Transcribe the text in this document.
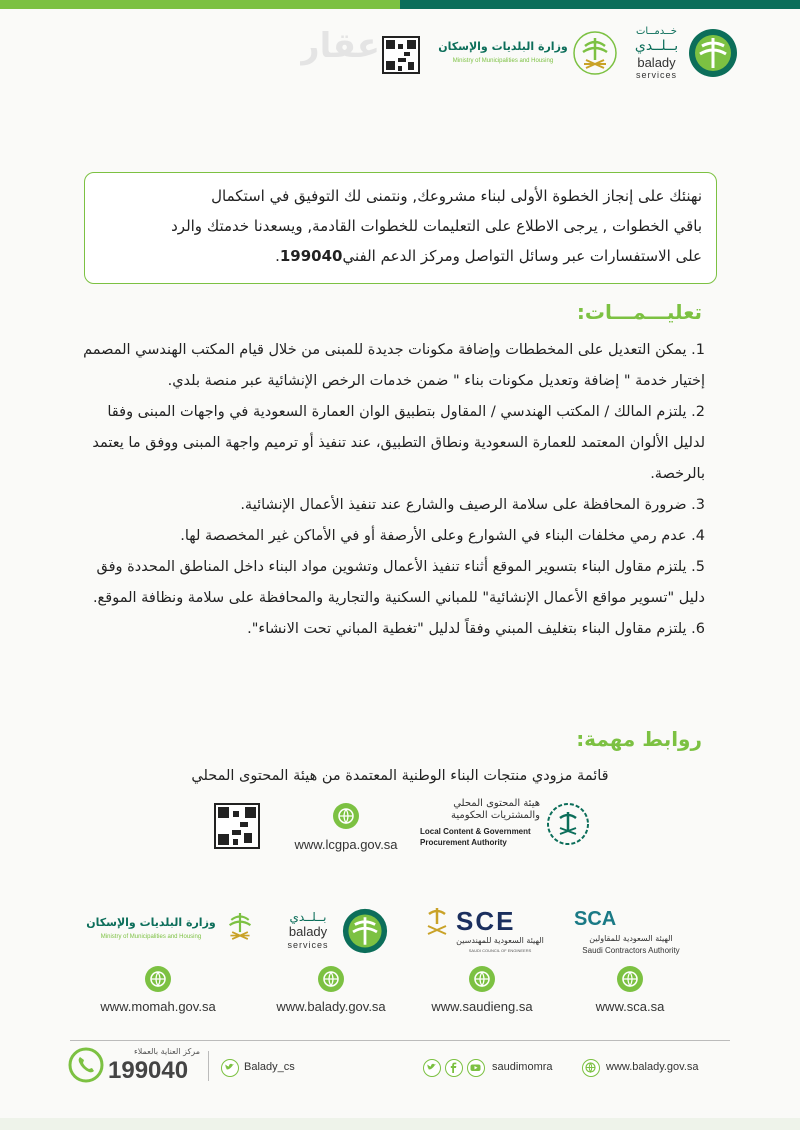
خــدمــات
بــلــدي
balady
services
وزارة البلديات والإسكان
Ministry of Municipalities and Housing
عقار
نهنئك على إنجاز الخطوة الأولى لبناء مشروعك, ونتمنى لك التوفيق في استكمال
باقي الخطوات , يرجى الاطلاع على التعليمات للخطوات القادمة, ويسعدنا خدمتك والرد
على الاستفسارات عبر وسائل التواصل ومركز الدعم الفني199040.
تعليـــمـــات:

1. يمكن التعديل على المخططات وإضافة مكونات جديدة للمبنى من خلال قيام المكتب الهندسي المصمم إختيار خدمة " إضافة وتعديل مكونات بناء " ضمن خدمات الرخص الإنشائية عبر منصة بلدي.

2. يلتزم المالك / المكتب الهندسي / المقاول بتطبيق الوان العمارة السعودية في واجهات المبنى وفقا لدليل الألوان المعتمد للعمارة السعودية ونطاق التطبيق، عند تنفيذ أو ترميم واجهة المبنى ووفق ما يعتمد بالرخصة.

3. ضرورة المحافظة على سلامة الرصيف والشارع عند تنفيذ الأعمال الإنشائية.

4. عدم رمي مخلفات البناء في الشوارع وعلى الأرصفة أو في الأماكن غير المخصصة لها.

5. يلتزم مقاول البناء بتسوير الموقع أثناء تنفيذ الأعمال وتشوين مواد البناء داخل المناطق المحددة وفق دليل "تسوير مواقع الأعمال الإنشائية" للمباني السكنية والتجارية والمحافظة على سلامة ونظافة الموقع.

6. يلتزم مقاول البناء بتغليف المبني وفقاً لدليل "تغطية المباني تحت الانشاء".

روابط مهمة:
قائمة مزودي منتجات البناء الوطنية المعتمدة من هيئة المحتوى المحلي
هيئة المحتوى المحلي
والمشتريات الحكومية
Local Content & Government
Procurement Authority
www.lcgpa.gov.sa
وزارة البلديات والإسكان
Ministry of Municipalities and Housing
بــلــدي
balady
services
SCE
الهيئة السعودية للمهندسين
SAUDI COUNCIL OF ENGINEERS
SCA
الهيئة السعودية للمقاولين
Saudi Contractors Authority
www.momah.gov.sa	www.balady.gov.sa	www.saudieng.sa	www.sca.sa
مركز العناية بالعملاء
199040	Balady_cs	saudimomra	www.balady.gov.sa
